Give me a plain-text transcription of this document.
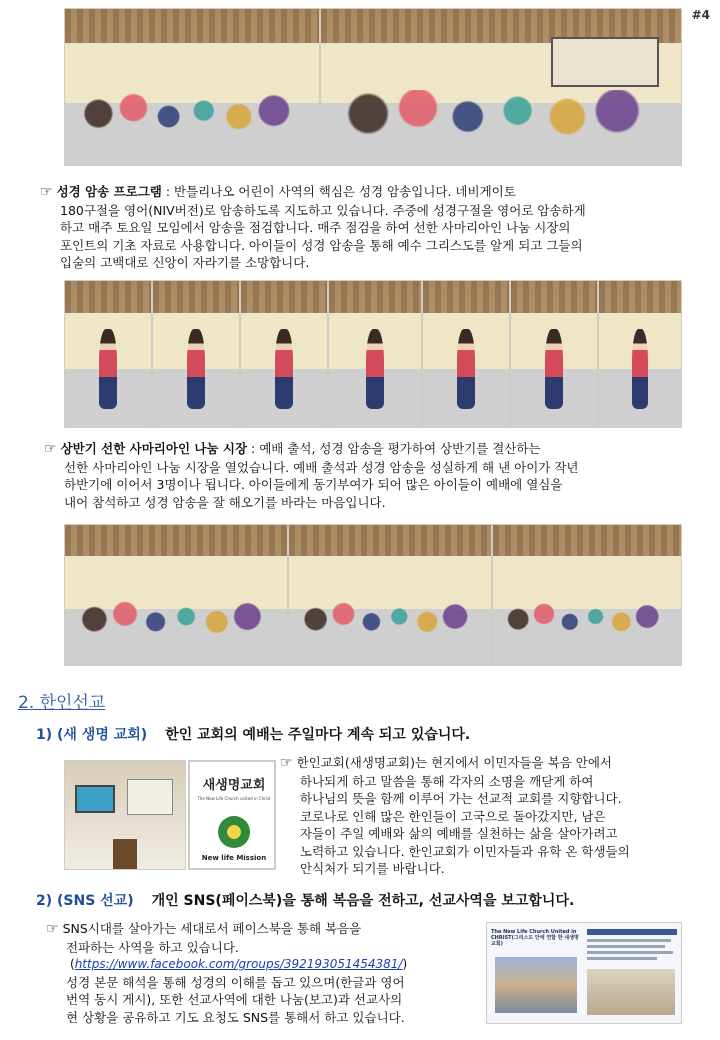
#4
☞ 성경 암송 프로그램 : 반틀리나오 어린이 사역의 핵심은 성경 암송입니다. 네비게이토
180구절을 영어(NIV버전)로 암송하도록 지도하고 있습니다. 주중에 성경구절을 영어로 암송하게
하고 매주 토요일 모임에서 암송을 점검합니다. 매주 점검을 하여 선한 사마리아인 나눔 시장의
포인트의 기초 자료로 사용합니다. 아이들이 성경 암송을 통해 예수 그리스도를 알게 되고 그들의
입술의 고백대로 신앙이 자라기를 소망합니다.
☞ 상반기 선한 사마리아인 나눔 시장 : 예배 출석, 성경 암송을 평가하여 상반기를 결산하는
선한 사마리아인 나눔 시장을 열었습니다. 예배 출석과 성경 암송을 성실하게 해 낸 아이가 작년
하반기에 이어서 3명이나 됩니다. 아이들에게 동기부여가 되어 많은 아이들이 예배에 열심을
내어 참석하고 성경 암송을 잘 해오기를 바라는 마음입니다.
2. 한인선교
1) (새 생명 교회) 한인 교회의 예배는 주일마다 계속 되고 있습니다.
새생명교회
The New Life Church united in Christ
New life Mission
☞ 한인교회(새생명교회)는 현지에서 이민자들을 복음 안에서
하나되게 하고 말씀을 통해 각자의 소명을 깨닫게 하여
하나님의 뜻을 함께 이루어 가는 선교적 교회를 지향합니다.
코로나로 인해 많은 한인들이 고국으로 돌아갔지만, 남은
자들이 주일 예배와 삶의 예배를 실천하는 삶을 살아가려고
노력하고 있습니다. 한인교회가 이민자들과 유학 온 학생들의
안식처가 되기를 바랍니다.
2) (SNS 선교) 개인 SNS(페이스북)을 통해 복음을 전하고, 선교사역을 보고합니다.
☞ SNS시대를 살아가는 세대로서 페이스북을 통해 복음을
전파하는 사역을 하고 있습니다.
(https://www.facebook.com/groups/392193051454381/)
성경 본문 해석을 통해 성경의 이해를 돕고 있으며(한글과 영어
번역 동시 게시), 또한 선교사역에 대한 나눔(보고)과 선교사의
현 상황을 공유하고 기도 요청도 SNS를 통해서 하고 있습니다.
The New Life Church United in CHRIST(그리스도 안에 연합 한 새생명 교회)
